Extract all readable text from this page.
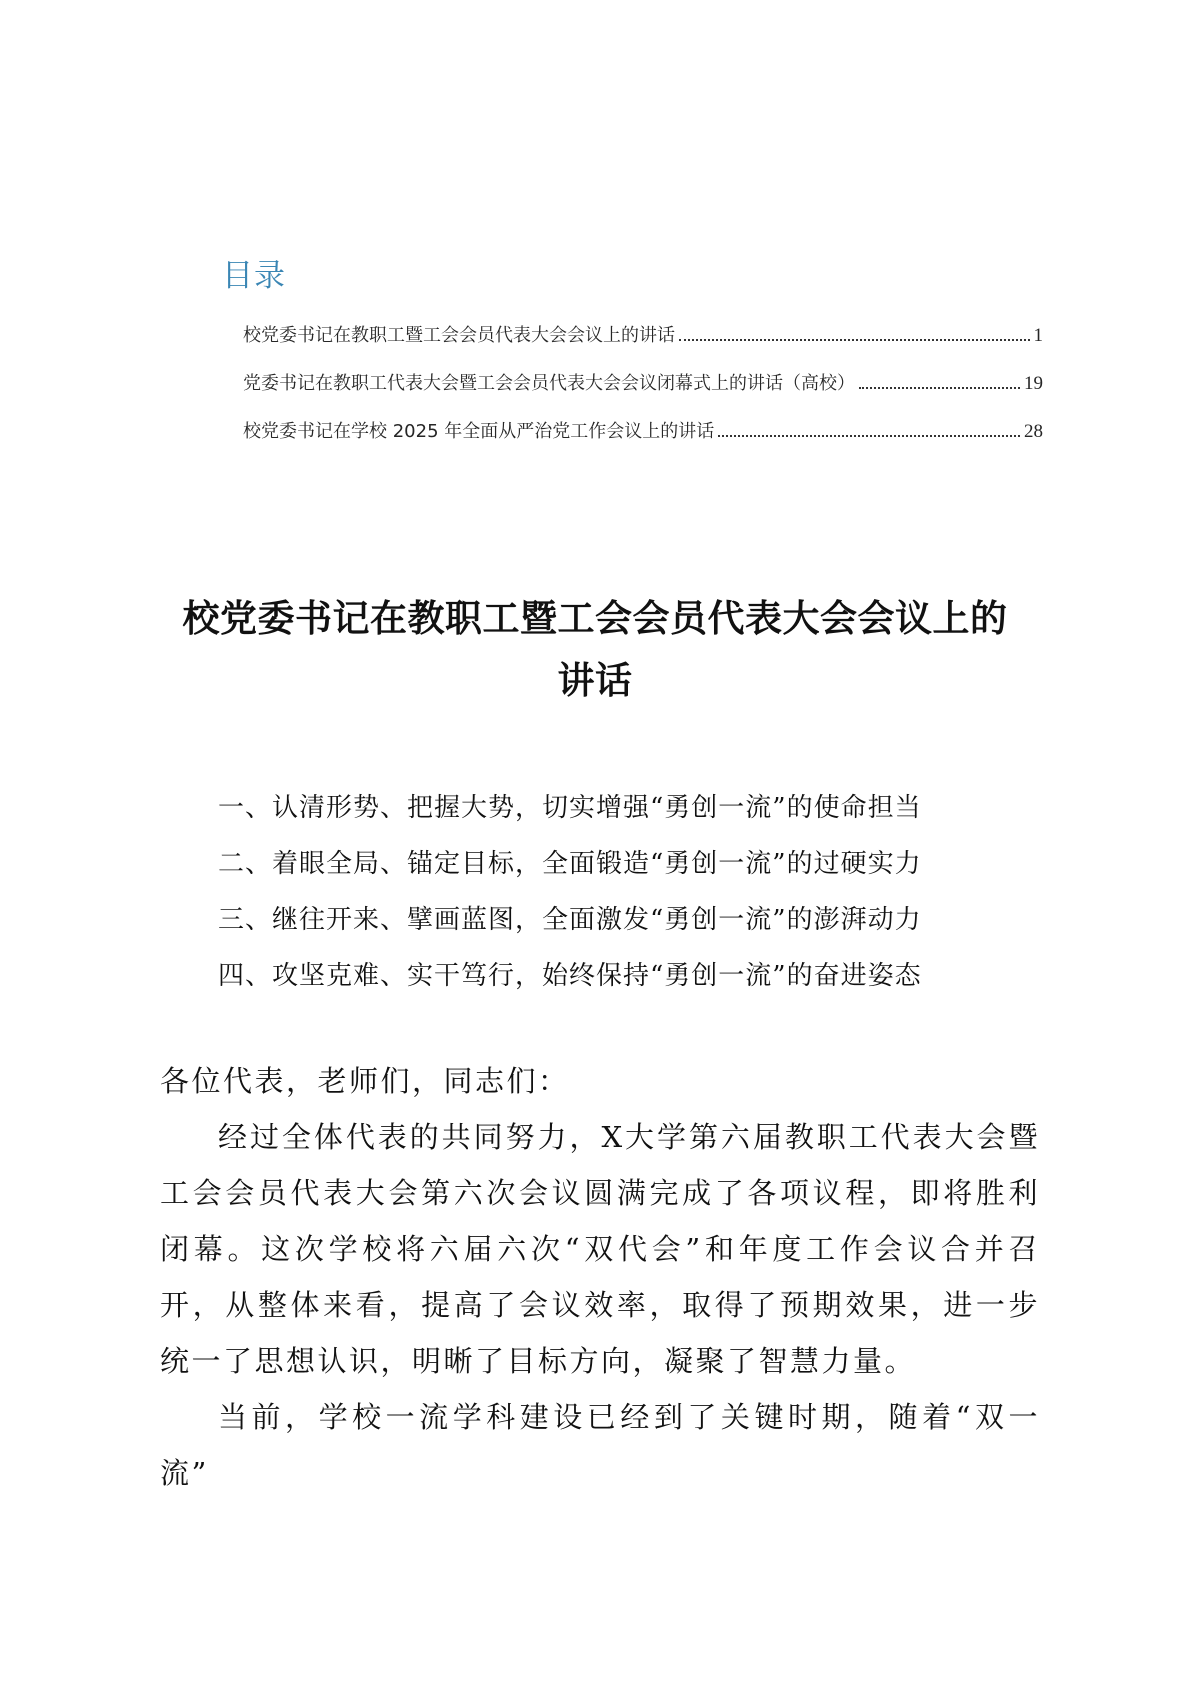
目录
校党委书记在教职工暨工会会员代表大会会议上的讲话	1
党委书记在教职工代表大会暨工会会员代表大会会议闭幕式上的讲话（高校）	19
校党委书记在学校 2025 年全面从严治党工作会议上的讲话	28
校党委书记在教职工暨工会会员代表大会会议上的
讲话
一、认清形势、把握大势，切实增强“勇创一流”的使命担当
二、着眼全局、锚定目标，全面锻造“勇创一流”的过硬实力
三、继往开来、擘画蓝图，全面激发“勇创一流”的澎湃动力
四、攻坚克难、实干笃行，始终保持“勇创一流”的奋进姿态

各位代表，老师们，同志们：

经过全体代表的共同努力，X大学第六届教职工代表大会暨工会会员代表大会第六次会议圆满完成了各项议程，即将胜利闭幕。这次学校将六届六次“双代会”和年度工作会议合并召开，从整体来看，提高了会议效率，取得了预期效果，进一步统一了思想认识，明晰了目标方向，凝聚了智慧力量。

当前，学校一流学科建设已经到了关键时期，随着“双一流”
